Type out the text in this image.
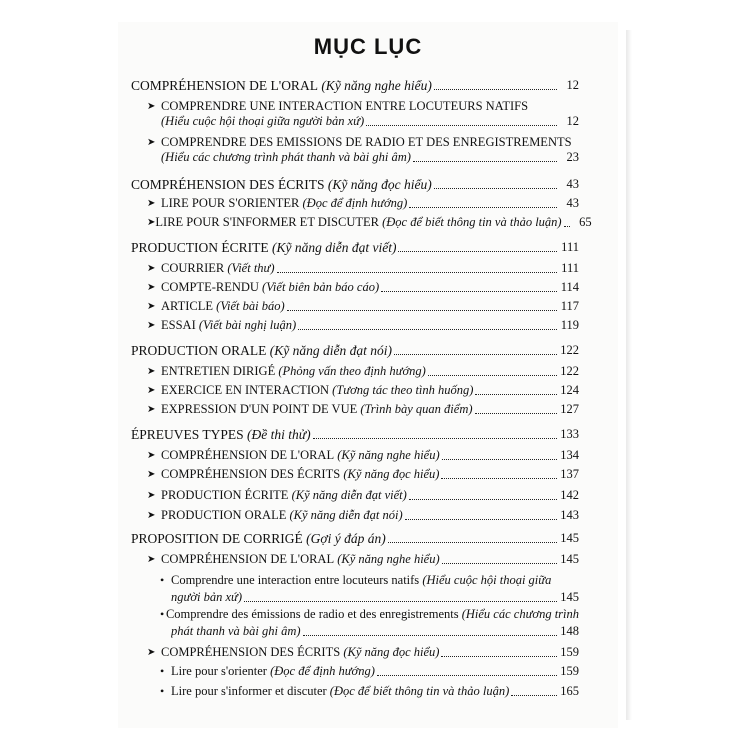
MỤC LỤC
COMPRÉHENSION DE L'ORAL (Kỹ năng nghe hiểu)	12
➤ COMPRENDRE UNE INTERACTION ENTRE LOCUTEURS NATIFS
(Hiểu cuộc hội thoại giữa người bản xứ)	12
➤ COMPRENDRE DES EMISSIONS DE RADIO ET DES ENREGISTREMENTS
(Hiểu các chương trình phát thanh và bài ghi âm)	23
COMPRÉHENSION DES ÉCRITS (Kỹ năng đọc hiểu)	43
➤ LIRE POUR S'ORIENTER (Đọc để định hướng)	43
➤ LIRE POUR S'INFORMER ET DISCUTER (Đọc để biết thông tin và thảo luận)	65
PRODUCTION ÉCRITE (Kỹ năng diễn đạt viết)	111
➤ COURRIER (Viết thư)	111
➤ COMPTE-RENDU (Viết biên bản báo cáo)	114
➤ ARTICLE (Viết bài báo)	117
➤ ESSAI (Viết bài nghị luận)	119
PRODUCTION ORALE (Kỹ năng diễn đạt nói)	122
➤ ENTRETIEN DIRIGÉ (Phỏng vấn theo định hướng)	122
➤ EXERCICE EN INTERACTION (Tương tác theo tình huống)	124
➤ EXPRESSION D'UN POINT DE VUE (Trình bày quan điểm)	127
ÉPREUVES TYPES (Đề thi thử)	133
➤ COMPRÉHENSION DE L'ORAL (Kỹ năng nghe hiểu)	134
➤ COMPRÉHENSION DES ÉCRITS (Kỹ năng đọc hiểu)	137
➤ PRODUCTION ÉCRITE (Kỹ năng diễn đạt viết)	142
➤ PRODUCTION ORALE (Kỹ năng diễn đạt nói)	143
PROPOSITION DE CORRIGÉ (Gợi ý đáp án)	145
➤ COMPRÉHENSION DE L'ORAL (Kỹ năng nghe hiểu)	145
• Comprendre une interaction entre locuteurs natifs (Hiểu cuộc hội thoại giữa
người bản xứ)	145
• Comprendre des émissions de radio et des enregistrements (Hiểu các chương trình
phát thanh và bài ghi âm)	148
➤ COMPRÉHENSION DES ÉCRITS (Kỹ năng đọc hiểu)	159
• Lire pour s'orienter (Đọc để định hướng)	159
• Lire pour s'informer et discuter (Đọc để biết thông tin và thảo luận)	165
